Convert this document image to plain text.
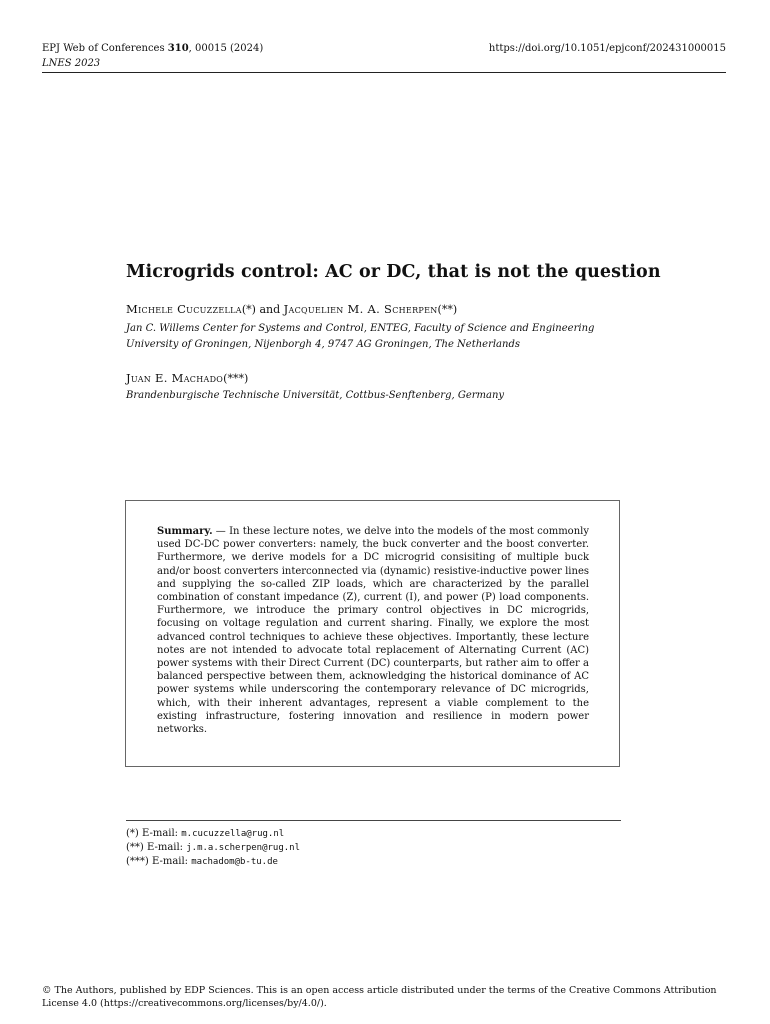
EPJ Web of Conferences 310, 00015 (2024)	https://doi.org/10.1051/epjconf/202431000015
LNES 2023
Microgrids control: AC or DC, that is not the question
Michele Cucuzzella(*) and Jacquelien M. A. Scherpen(**)
Jan C. Willems Center for Systems and Control, ENTEG, Faculty of Science and Engineering
University of Groningen, Nijenborgh 4, 9747 AG Groningen, The Netherlands
Juan E. Machado(***)
Brandenburgische Technische Universität, Cottbus-Senftenberg, Germany
Summary. — In these lecture notes, we delve into the models of the most commonly used DC-DC power converters: namely, the buck converter and the boost converter. Furthermore, we derive models for a DC microgrid consisiting of multiple buck and/or boost converters interconnected via (dynamic) resistive-inductive power lines and supplying the so-called ZIP loads, which are characterized by the parallel combination of constant impedance (Z), current (I), and power (P) load components. Furthermore, we introduce the primary control objectives in DC microgrids, focusing on voltage regulation and current sharing. Finally, we explore the most advanced control techniques to achieve these objectives. Importantly, these lecture notes are not intended to advocate total replacement of Alternating Current (AC) power systems with their Direct Current (DC) counterparts, but rather aim to offer a balanced perspective between them, acknowledging the historical dominance of AC power systems while underscoring the contemporary relevance of DC microgrids, which, with their inherent advantages, represent a viable complement to the existing infrastructure, fostering innovation and resilience in modern power networks.
(*) E-mail: m.cucuzzella@rug.nl
(**) E-mail: j.m.a.scherpen@rug.nl
(***) E-mail: machadom@b-tu.de
© The Authors, published by EDP Sciences. This is an open access article distributed under the terms of the Creative Commons Attribution License 4.0 (https://creativecommons.org/licenses/by/4.0/).
